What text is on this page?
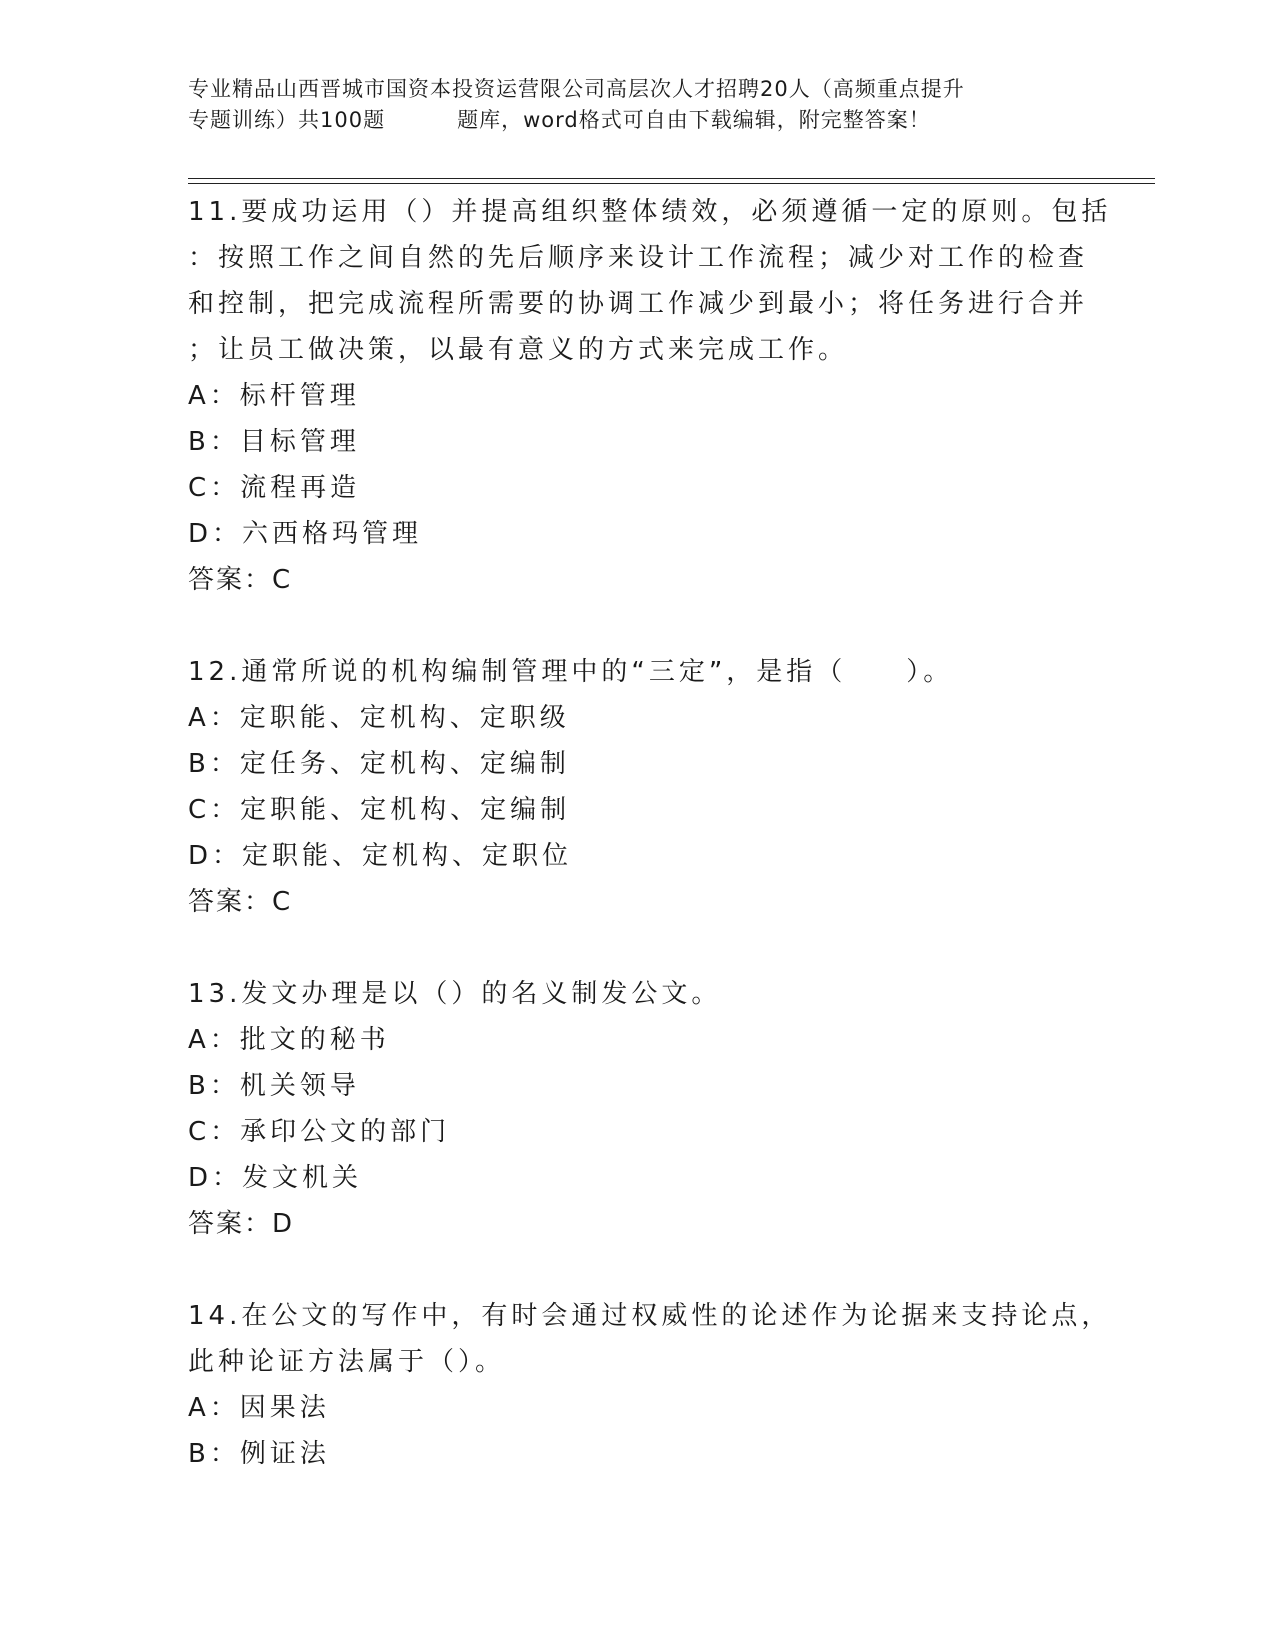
专业精品山西晋城市国资本投资运营限公司高层次人才招聘20人（高频重点提升
专题训练）共100题	题库，word格式可自由下载编辑，附完整答案！
11.要成功运用（）并提高组织整体绩效，必须遵循一定的原则。包括
：按照工作之间自然的先后顺序来设计工作流程；减少对工作的检查
和控制，把完成流程所需要的协调工作减少到最小；将任务进行合并
；让员工做决策，以最有意义的方式来完成工作。
A：标杆管理
B：目标管理
C：流程再造
D：六西格玛管理
答案：C
12.通常所说的机构编制管理中的“三定”，是指（　　）。
A：定职能、定机构、定职级
B：定任务、定机构、定编制
C：定职能、定机构、定编制
D：定职能、定机构、定职位
答案：C
13.发文办理是以（）的名义制发公文。
A：批文的秘书
B：机关领导
C：承印公文的部门
D：发文机关
答案：D
14.在公文的写作中，有时会通过权威性的论述作为论据来支持论点，
此种论证方法属于（）。
A：因果法
B：例证法
